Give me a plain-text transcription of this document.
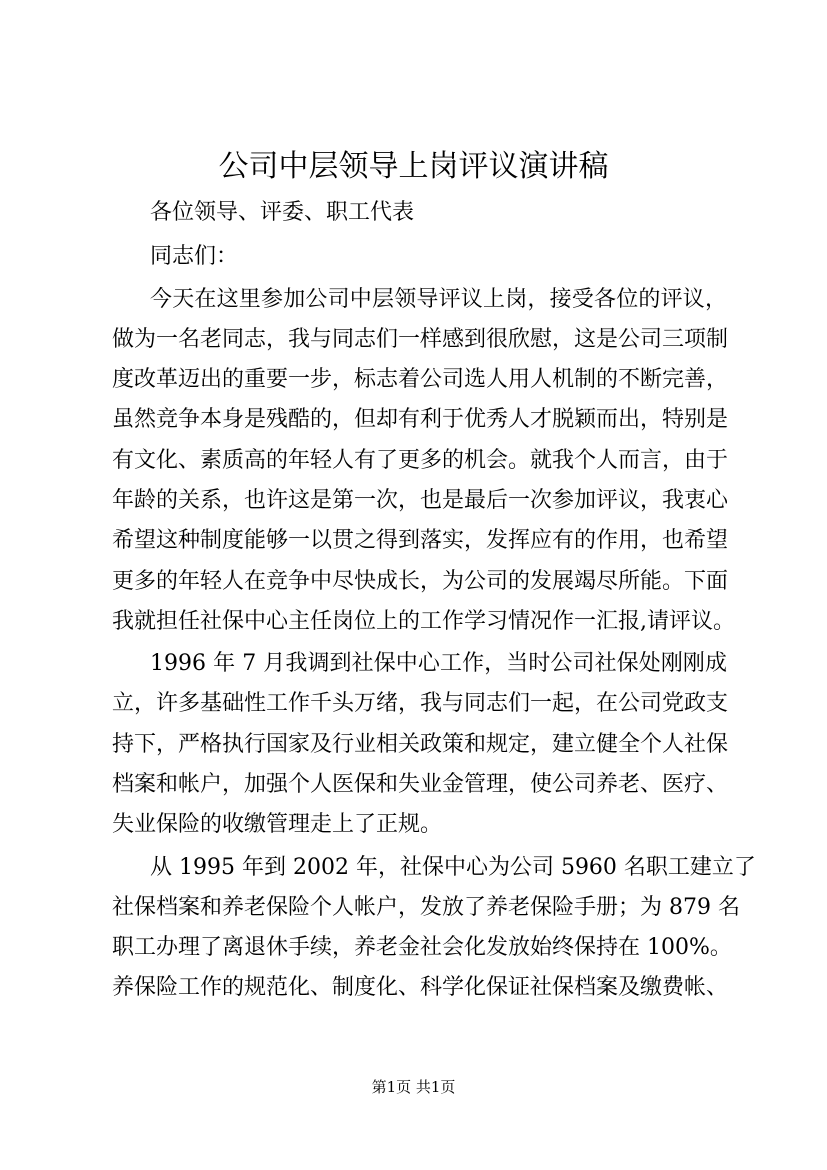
公司中层领导上岗评议演讲稿
各位领导、评委、职工代表
同志们：
今天在这里参加公司中层领导评议上岗，接受各位的评议，
做为一名老同志，我与同志们一样感到很欣慰，这是公司三项制
度改革迈出的重要一步，标志着公司选人用人机制的不断完善，
虽然竞争本身是残酷的，但却有利于优秀人才脱颖而出，特别是
有文化、素质高的年轻人有了更多的机会。就我个人而言，由于
年龄的关系，也许这是第一次，也是最后一次参加评议，我衷心
希望这种制度能够一以贯之得到落实，发挥应有的作用，也希望
更多的年轻人在竞争中尽快成长，为公司的发展竭尽所能。下面
我就担任社保中心主任岗位上的工作学习情况作一汇报,请评议。
1996 年 7 月我调到社保中心工作，当时公司社保处刚刚成
立，许多基础性工作千头万绪，我与同志们一起，在公司党政支
持下，严格执行国家及行业相关政策和规定，建立健全个人社保
档案和帐户，加强个人医保和失业金管理，使公司养老、医疗、
失业保险的收缴管理走上了正规。
从 1995 年到 2002 年，社保中心为公司 5960 名职工建立了
社保档案和养老保险个人帐户，发放了养老保险手册；为 879 名
职工办理了离退休手续，养老金社会化发放始终保持在 100%。
养保险工作的规范化、制度化、科学化保证社保档案及缴费帐、
第1页 共1页
